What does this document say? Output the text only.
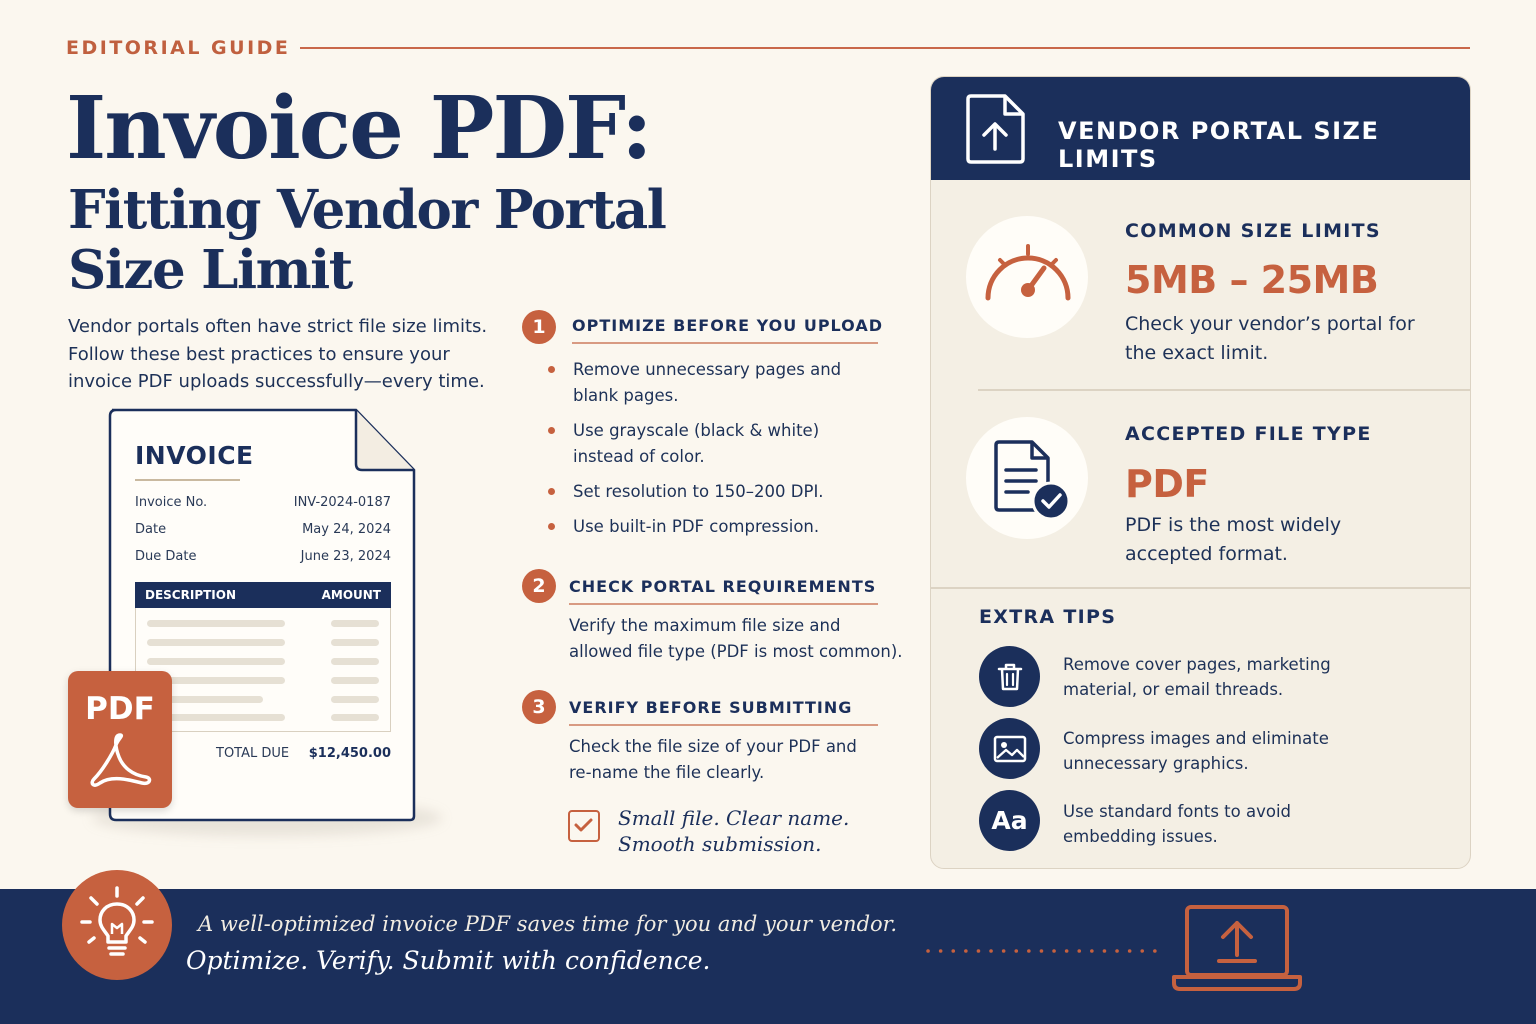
EDITORIAL GUIDE
Invoice PDF:
Fitting Vendor Portal Size Limit
Vendor portals often have strict file size limits. Follow these best practices to ensure your invoice PDF uploads successfully—every time.
INVOICE
Invoice No.	INV-2024-0187
Date	May 24, 2024
Due Date	June 23, 2024
DESCRIPTION	AMOUNT
TOTAL DUE $12,450.00
PDF
1	OPTIMIZE BEFORE YOU UPLOAD
Remove unnecessary pages and blank pages.
Use grayscale (black & white) instead of color.
Set resolution to 150–200 DPI.
Use built-in PDF compression.
2	CHECK PORTAL REQUIREMENTS
Verify the maximum file size and allowed file type (PDF is most common).
3	VERIFY BEFORE SUBMITTING
Check the file size of your PDF and re-name the file clearly.
Small file. Clear name.
Smooth submission.
VENDOR PORTAL SIZE LIMITS
COMMON SIZE LIMITS
5MB – 25MB
Check your vendor’s portal for the exact limit.
ACCEPTED FILE TYPE
PDF
PDF is the most widely accepted format.
EXTRA TIPS
Remove cover pages, marketing material, or email threads.
Compress images and eliminate unnecessary graphics.
Aa Use standard fonts to avoid embedding issues.
A well-optimized invoice PDF saves time for you and your vendor.
Optimize. Verify. Submit with confidence.
